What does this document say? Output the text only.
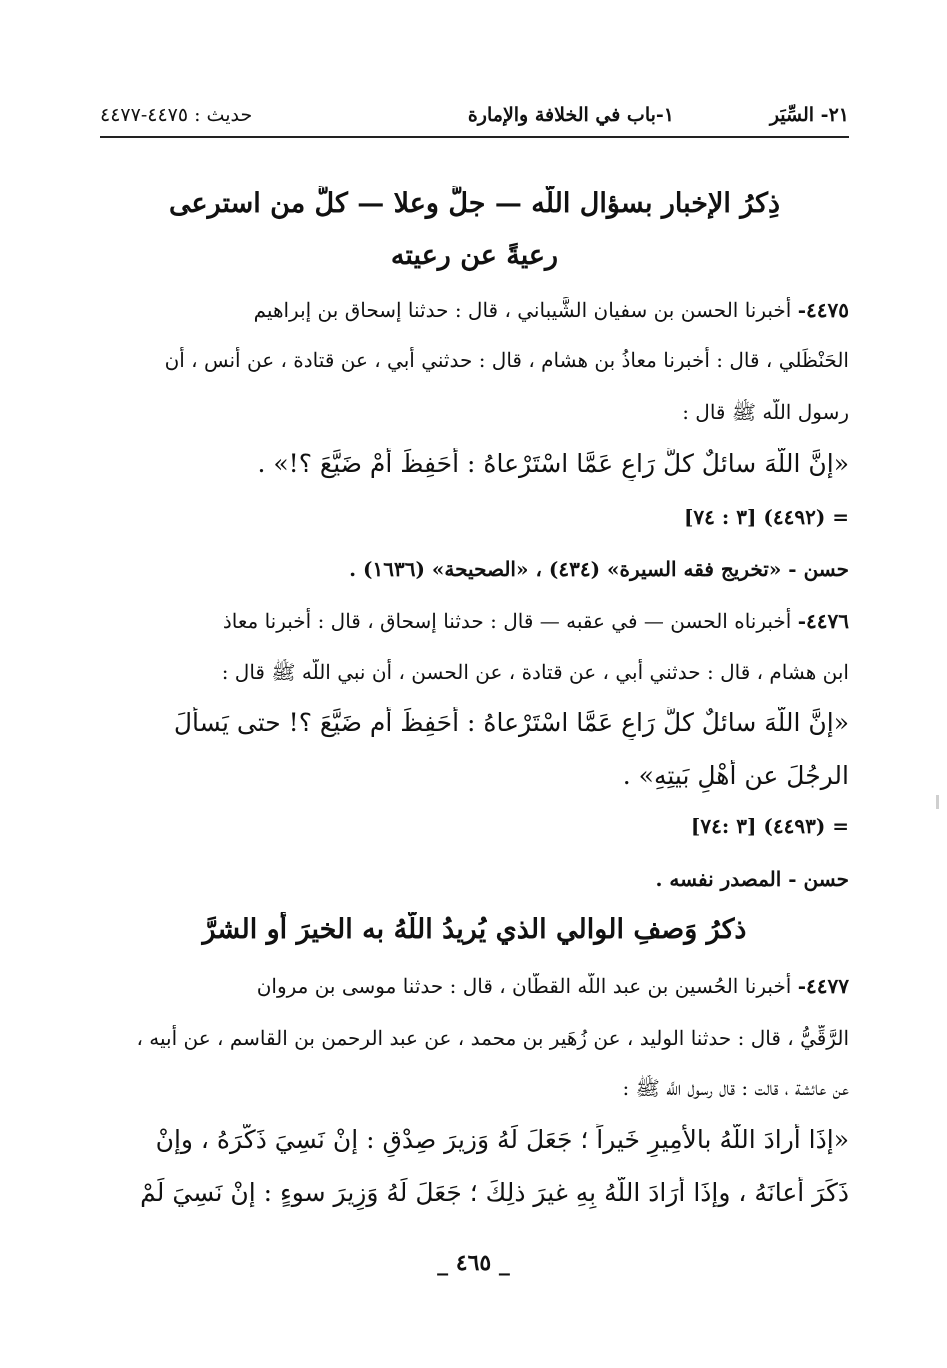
٢١- السِّيَر
١-باب في الخلافة والإمارة
حديث : ٤٤٧٥-٤٤٧٧
ذِكرُ الإخبار بسؤال اللَّه — جلَّ وعلا — كلَّ من استرعى
رعيةً عن رعيته
٤٤٧٥- أخبرنا الحسن بن سفيان الشَّيباني ، قال : حدثنا إسحاق بن إبراهيم
الحَنْظَلي ، قال : أخبرنا معاذُ بن هشام ، قال : حدثني أبي ، عن قتادة ، عن أنس ، أن
رسول اللَّه ﷺ قال :
«إنَّ اللَّهَ سائلٌ كلَّ رَاعٍ عَمَّا اسْتَرْعاهُ : أَحَفِظَ أَمْ ضَيَّعَ ؟!» .
= (٤٤٩٢) [٣ : ٧٤]
حسن - «تخريج فقه السيرة» (٤٣٤) ، «الصحيحة» (١٦٣٦) .
٤٤٧٦- أخبرناه الحسن — في عقبه — قال : حدثنا إسحاق ، قال : أخبرنا معاذ
ابن هشام ، قال : حدثني أبي ، عن قتادة ، عن الحسن ، أن نبي اللَّه ﷺ قال :
«إنَّ اللَّهَ سائلٌ كلَّ رَاعٍ عَمَّا اسْتَرْعاهُ : أَحَفِظَ أم ضَيَّعَ ؟! حتى يَسأَلَ
الرجُلَ عن أَهْلِ بَيتِهِ» .
= (٤٤٩٣) [٣ :٧٤]
حسن - المصدر نفسه .
ذكرُ وَصفِ الوالي الذي يُريدُ اللَّهُ به الخيرَ أو الشرَّ
٤٤٧٧- أخبرنا الحُسين بن عبد اللَّه القطَّان ، قال : حدثنا موسى بن مروان
الرَّقِّيُّ ، قال : حدثنا الوليد ، عن زُهَير بن محمد ، عن عبد الرحمن بن القاسم ، عن أبيه ،
عن عائشة ، قالت : قال رسول اللَّه ﷺ :
«إذَا أَرادَ اللَّهُ بالأَمِيرِ خَيراً ؛ جَعَلَ لَهُ وَزيرَ صِدْقٍ : إنْ نَسِيَ ذَكَّرَهُ ، وإنْ
ذَكَرَ أَعانَهُ ، وإذَا أَرَادَ اللَّهُ بِهِ غيرَ ذلِكَ ؛ جَعَلَ لَهُ وَزِيرَ سوءٍ : إنْ نَسِيَ لَمْ
_ ٤٦٥ _
